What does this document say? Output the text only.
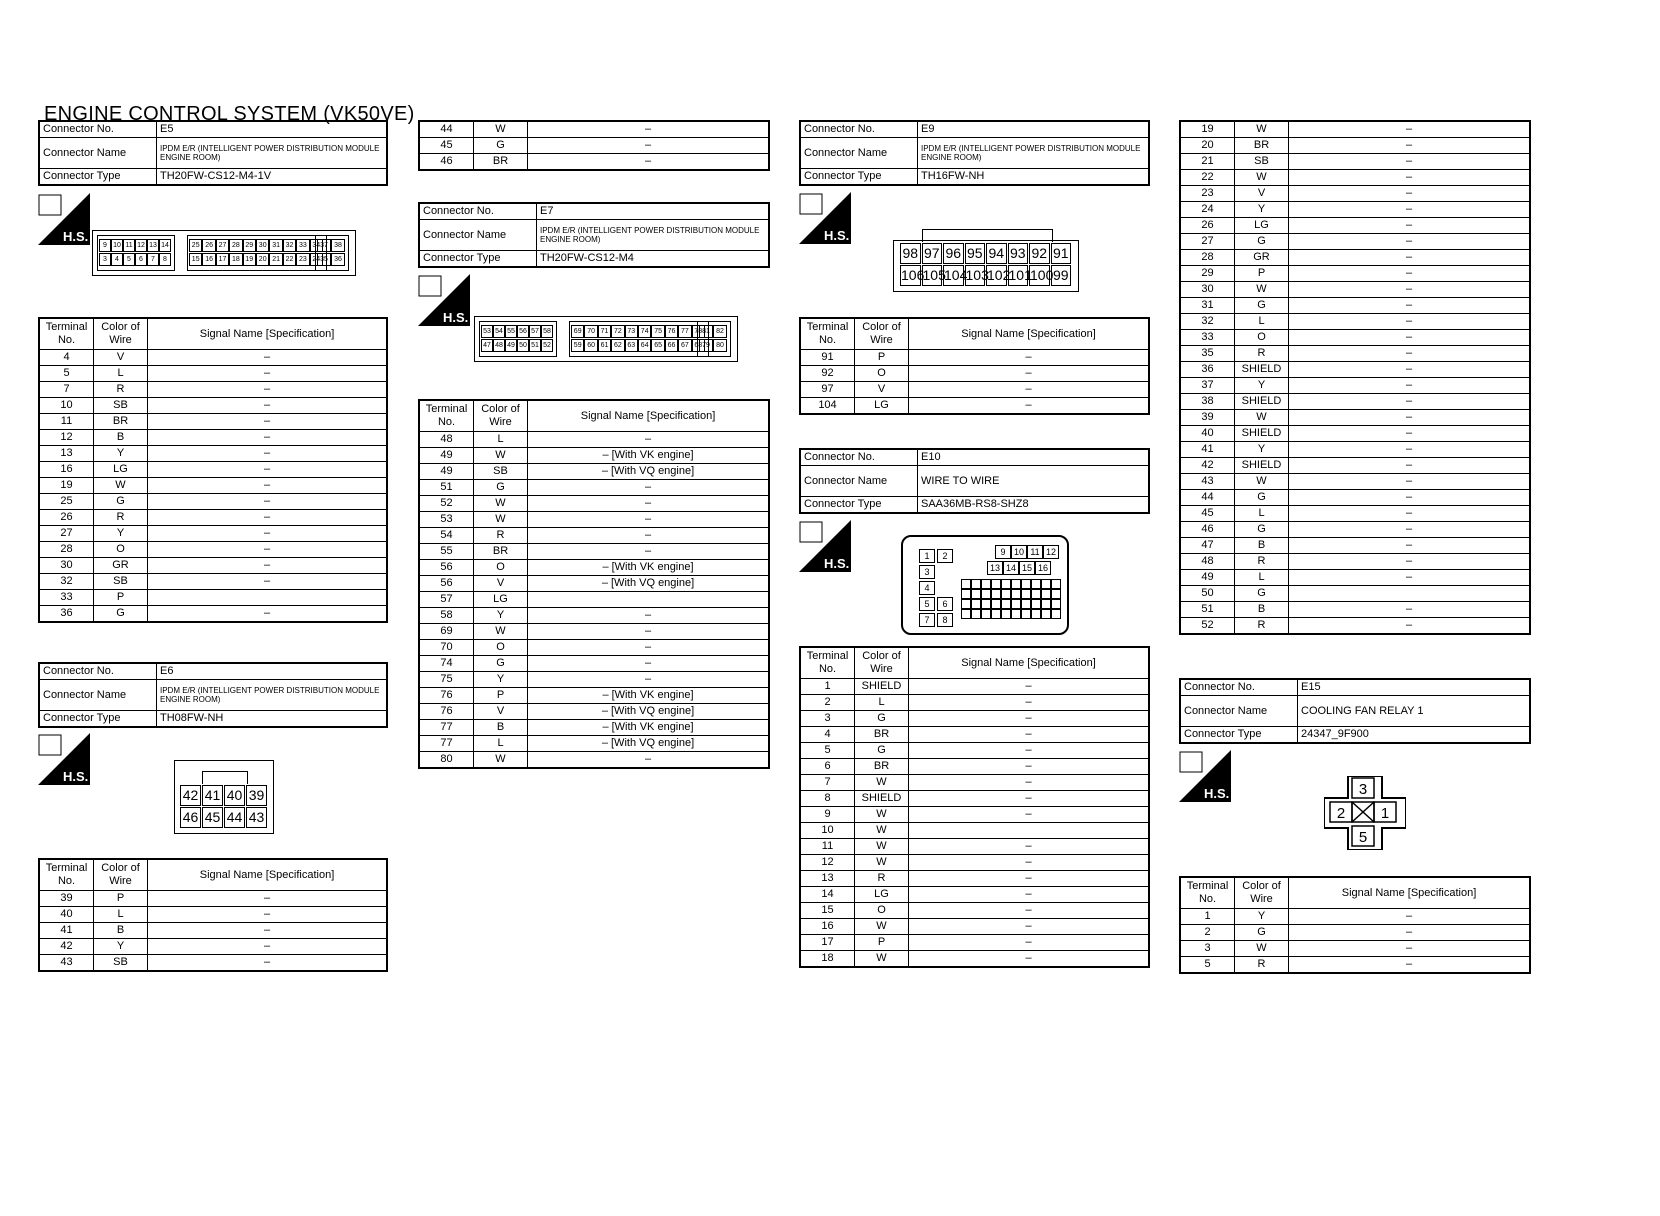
ENGINE CONTROL SYSTEM (VK50VE)
Connector No.	E5
Connector Name	IPDM E/R (INTELLIGENT POWER DISTRIBUTION MODULE ENGINE ROOM)
Connector Type	TH20FW-CS12-M4-1V
H.S.
9
3
10
4
11
5
12
6
13
7
14
8
25
15
26
16
27
17
28
18
29
19
30
20
31
21
32
22
33
23
34
24
37
35
38
36
Terminal No.	Color of Wire	Signal Name [Specification]
4	V	–
5	L	–
7	R	–
10	SB	–
11	BR	–
12	B	–
13	Y	–
16	LG	–
19	W	–
25	G	–
26	R	–
27	Y	–
28	O	–
30	GR	–
32	SB	–
33	P	
36	G	–
Connector No.	E6
Connector Name	IPDM E/R (INTELLIGENT POWER DISTRIBUTION MODULE ENGINE ROOM)
Connector Type	TH08FW-NH
H.S.
42
46
41
45
40
44
39
43
Terminal No.	Color of Wire	Signal Name [Specification]
39	P	–
40	L	–
41	B	–
42	Y	–
43	SB	–
44	W	–
45	G	–
46	BR	–
Connector No.	E7
Connector Name	IPDM E/R (INTELLIGENT POWER DISTRIBUTION MODULE ENGINE ROOM)
Connector Type	TH20FW-CS12-M4
H.S.
53
47
54
48
55
49
56
50
57
51
58
52
69
59
70
60
71
61
72
62
73
63
74
64
75
65
76
66
77
67
78
68
81
79
82
80
Terminal No.	Color of Wire	Signal Name [Specification]
48	L	–
49	W	– [With VK engine]
49	SB	– [With VQ engine]
51	G	–
52	W	–
53	W	–
54	R	–
55	BR	–
56	O	– [With VK engine]
56	V	– [With VQ engine]
57	LG	
58	Y	–
69	W	–
70	O	–
74	G	–
75	Y	–
76	P	– [With VK engine]
76	V	– [With VQ engine]
77	B	– [With VK engine]
77	L	– [With VQ engine]
80	W	–
Connector No.	E9
Connector Name	IPDM E/R (INTELLIGENT POWER DISTRIBUTION MODULE ENGINE ROOM)
Connector Type	TH16FW-NH
H.S.
98
106
97
105
96
104
95
103
94
102
93
101
92
100
91
99
Terminal No.	Color of Wire	Signal Name [Specification]
91	P	–
92	O	–
97	V	–
104	LG	–
Connector No.	E10
Connector Name	WIRE TO WIRE
Connector Type	SAA36MB-RS8-SHZ8
H.S.	1	2
3
4
5	6
7	8
9 10 11 12
13 14 15 16
Terminal No.	Color of Wire	Signal Name [Specification]
1	SHIELD	–
2	L	–
3	G	–
4	BR	–
5	G	–
6	BR	–
7	W	–
8	SHIELD	–
9	W	–
10	W	
11	W	–
12	W	–
13	R	–
14	LG	–
15	O	–
16	W	–
17	P	–
18	W	–
19	W	–
20	BR	–
21	SB	–
22	W	–
23	V	–
24	Y	–
26	LG	–
27	G	–
28	GR	–
29	P	–
30	W	–
31	G	–
32	L	–
33	O	–
35	R	–
36	SHIELD	–
37	Y	–
38	SHIELD	–
39	W	–
40	SHIELD	–
41	Y	–
42	SHIELD	–
43	W	–
44	G	–
45	L	–
46	G	–
47	B	–
48	R	–
49	L	–
50	G	
51	B	–
52	R	–
Connector No.	E15
Connector Name	COOLING FAN RELAY 1
Connector Type	24347_9F900
H.S.	3
2 1
5
Terminal No.	Color of Wire	Signal Name [Specification]
1	Y	–
2	G	–
3	W	–
5	R	–
